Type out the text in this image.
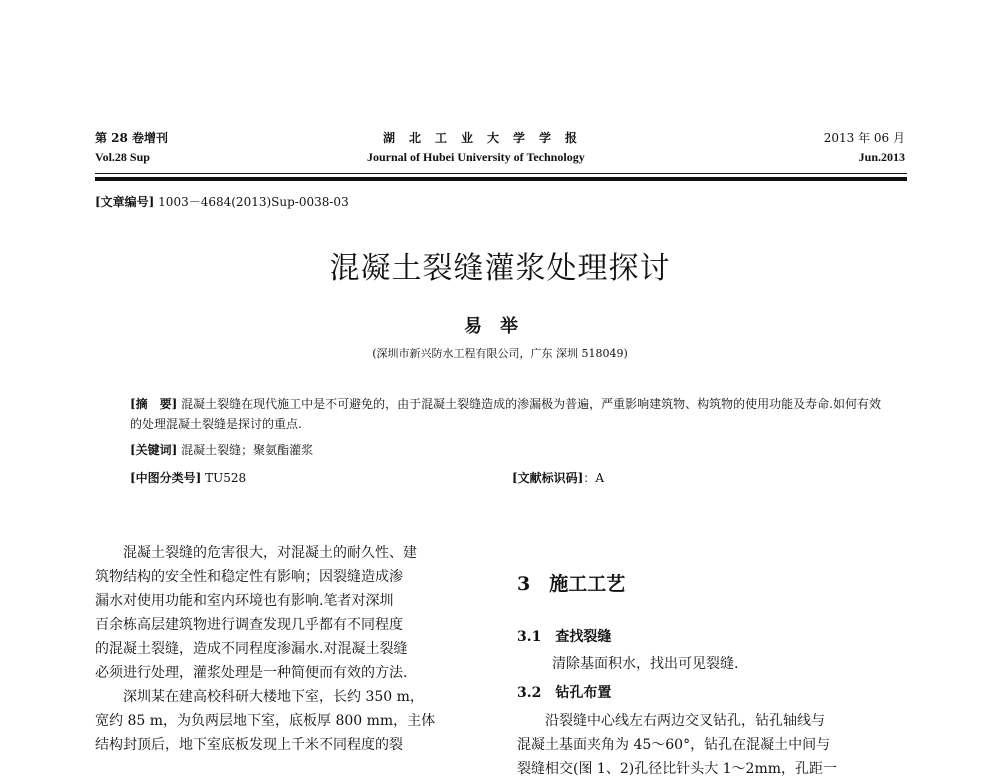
第 28 卷增刊
Vol.28 Sup
湖北工业大学学报
Journal of Hubei University of Technology
2013 年 06 月
Jun.2013
[文章编号] 1003－4684(2013)Sup-0038-03
混凝土裂缝灌浆处理探讨
易举
(深圳市新兴防水工程有限公司，广东 深圳 518049)
[摘　要] 混凝土裂缝在现代施工中是不可避免的，由于混凝土裂缝造成的渗漏极为普遍，严重影响建筑物、构筑物的使用功能及寿命.如何有效的处理混凝土裂缝是探讨的重点.
[关键词] 混凝土裂缝；聚氨酯灌浆
[中图分类号] TU528	[文献标识码]：A
　　混凝土裂缝的危害很大，对混凝土的耐久性、建
筑物结构的安全性和稳定性有影响；因裂缝造成渗
漏水对使用功能和室内环境也有影响.笔者对深圳
百余栋高层建筑物进行调查发现几乎都有不同程度
的混凝土裂缝，造成不同程度渗漏水.对混凝土裂缝
必须进行处理，灌浆处理是一种简便而有效的方法.
　　深圳某在建高校科研大楼地下室，长约 350 m，
宽约 85 m，为负两层地下室，底板厚 800 mm，主体
结构封顶后，地下室底板发现上千米不同程度的裂
3　施工工艺
3.1　查找裂缝
清除基面积水，找出可见裂缝.
3.2　钻孔布置
　　沿裂缝中心线左右两边交叉钻孔，钻孔轴线与
混凝土基面夹角为 45～60°，钻孔在混凝土中间与
裂缝相交(图 1、2)孔径比针头大 1～2mm，孔距一
